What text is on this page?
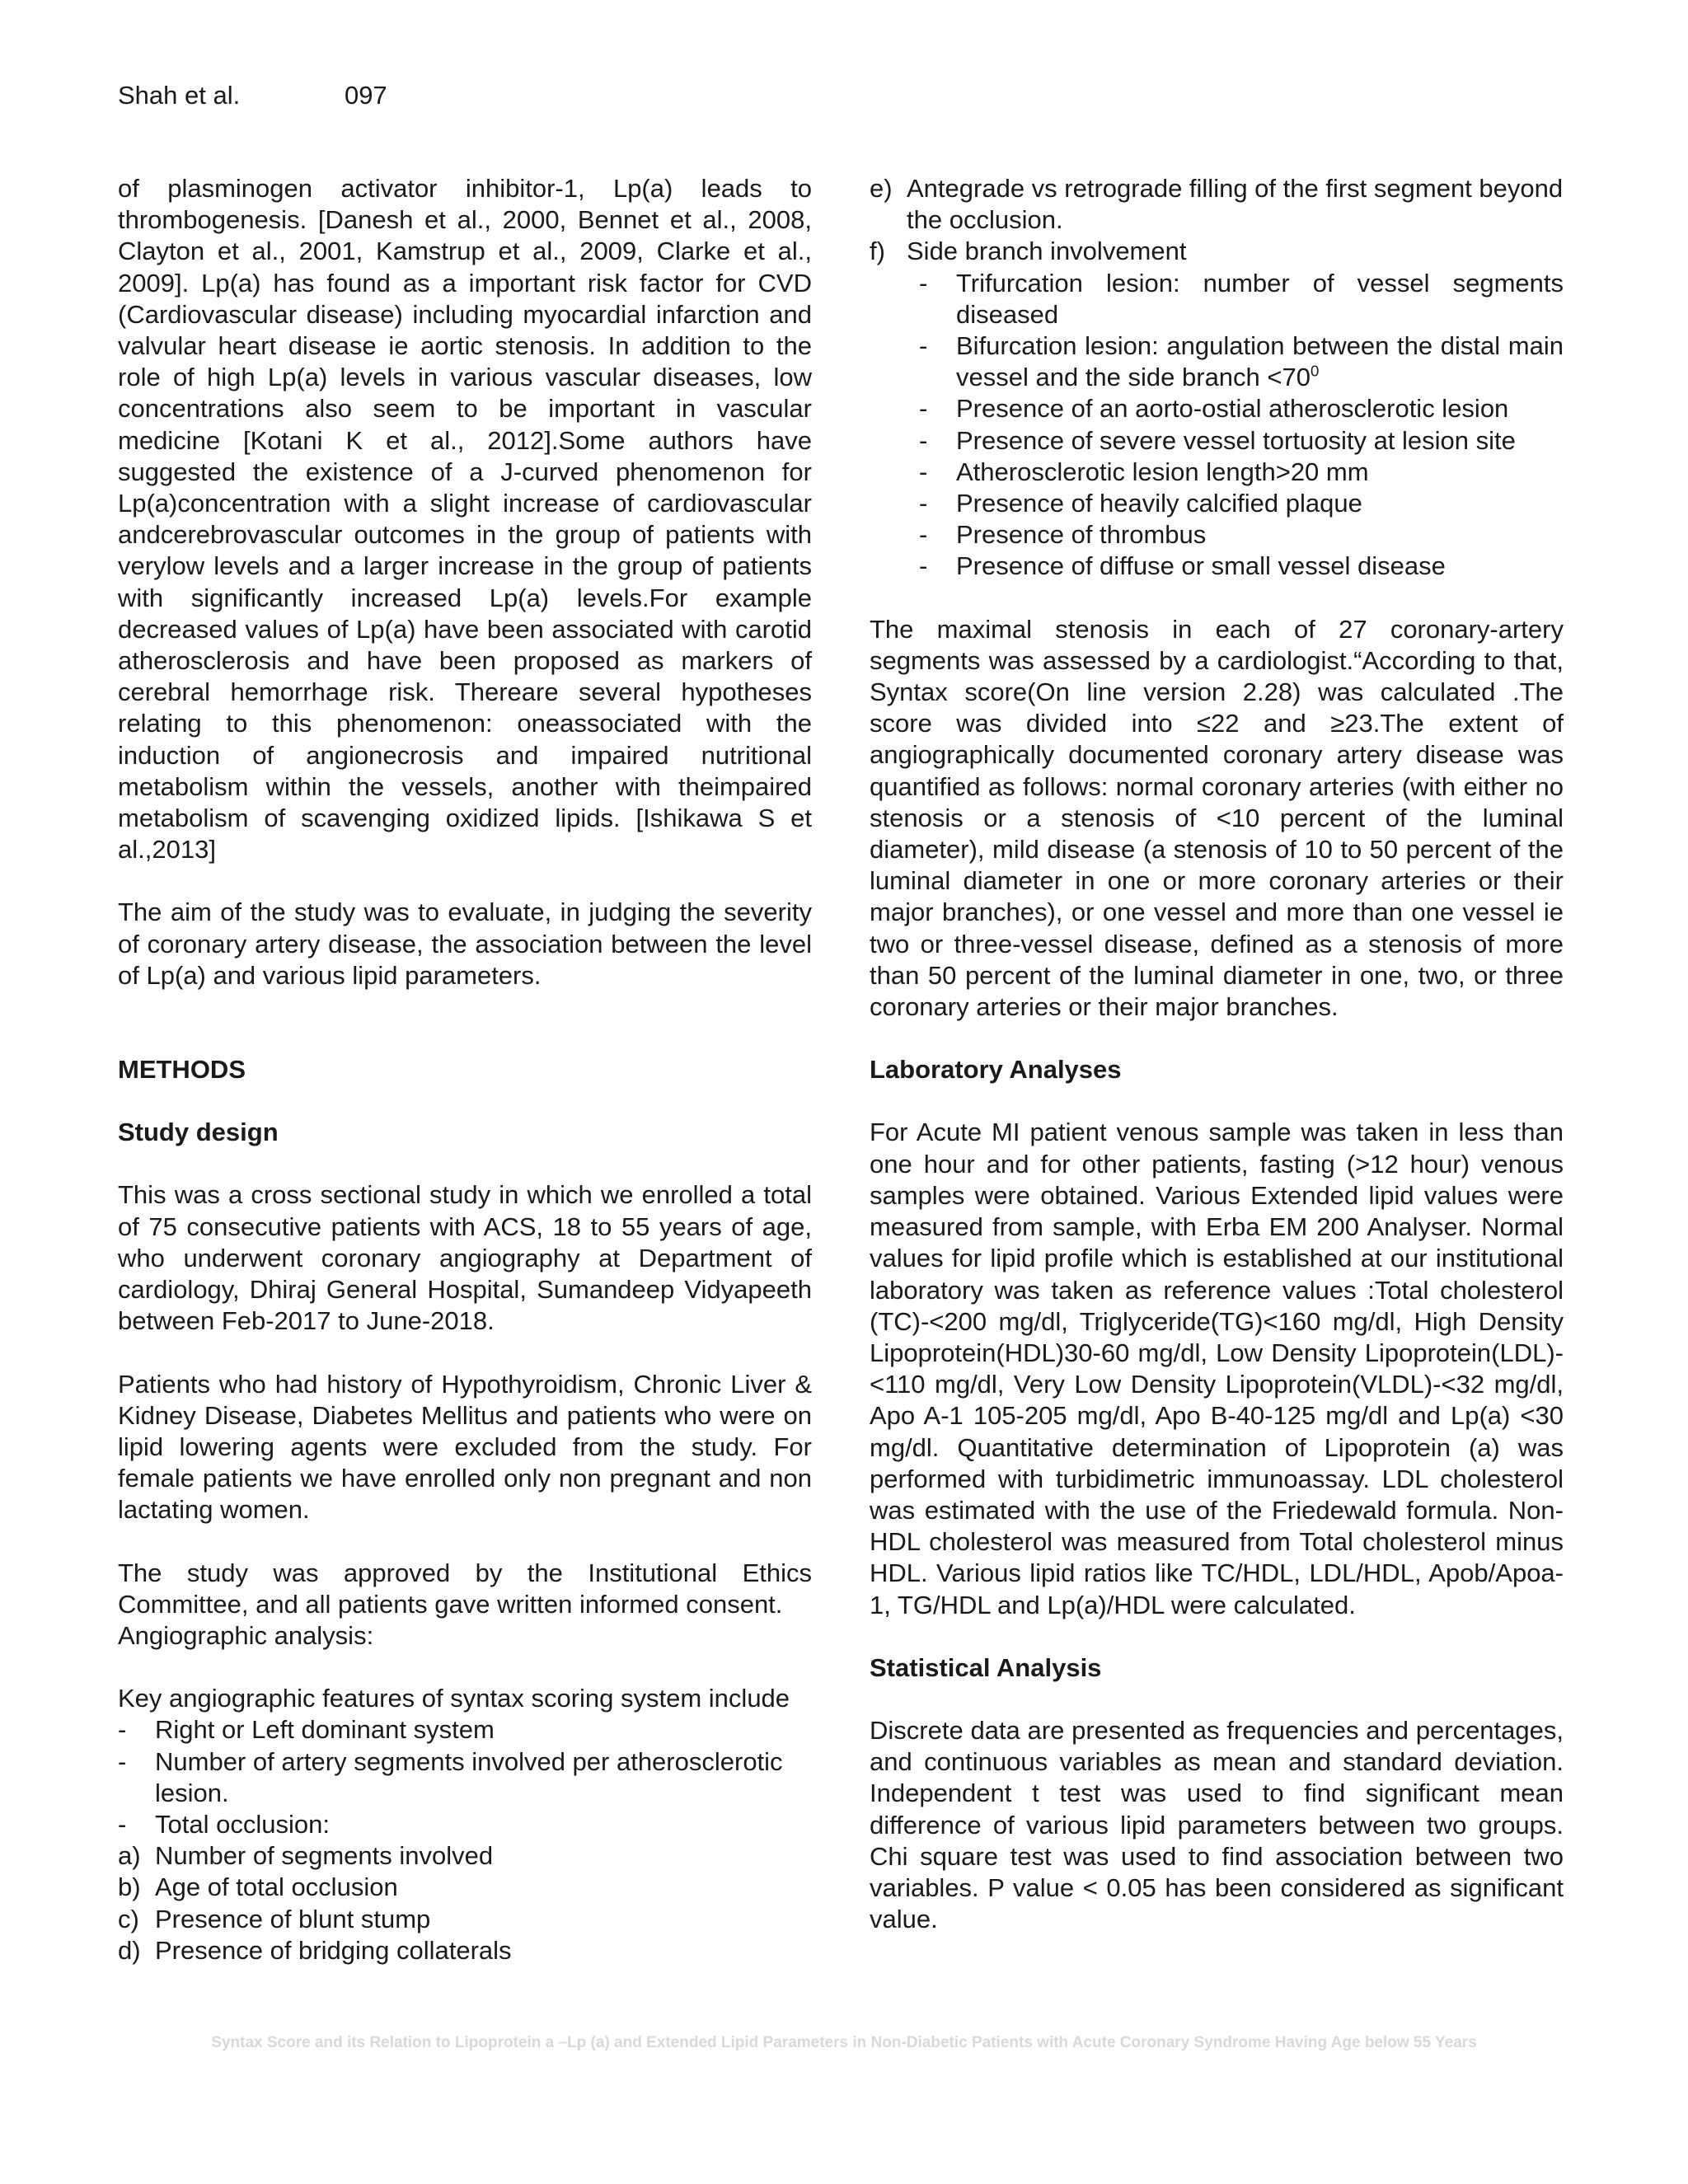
Shah et al.	097

of plasminogen activator inhibitor-1, Lp(a) leads to thrombogenesis. [Danesh et al., 2000, Bennet et al., 2008, Clayton et al., 2001, Kamstrup et al., 2009, Clarke et al., 2009]. Lp(a) has found as a important risk factor for CVD (Cardiovascular disease) including myocardial infarction and valvular heart disease ie aortic stenosis. In addition to the role of high Lp(a) levels in various vascular diseases, low concentrations also seem to be important in vascular medicine [Kotani K et al., 2012].Some authors have suggested the existence of a J-curved phenomenon for Lp(a)concentration with a slight increase of cardiovascular andcerebrovascular outcomes in the group of patients with verylow levels and a larger increase in the group of patients with significantly increased Lp(a) levels.For example decreased values of Lp(a) have been associated with carotid atherosclerosis and have been proposed as markers of cerebral hemorrhage risk. Thereare several hypotheses relating to this phenomenon: oneassociated with the induction of angionecrosis and impaired nutritional metabolism within the vessels, another with theimpaired metabolism of scavenging oxidized lipids. [Ishikawa S et al.,2013]

The aim of the study was to evaluate, in judging the severity of coronary artery disease, the association between the level of Lp(a) and various lipid parameters.

METHODS
Study design

This was a cross sectional study in which we enrolled a total of 75 consecutive patients with ACS, 18 to 55 years of age, who underwent coronary angiography at Department of cardiology, Dhiraj General Hospital, Sumandeep Vidyapeeth between Feb-2017 to June-2018.

Patients who had history of Hypothyroidism, Chronic Liver & Kidney Disease, Diabetes Mellitus and patients who were on lipid lowering agents were excluded from the study. For female patients we have enrolled only non pregnant and non lactating women.

The study was approved by the Institutional Ethics Committee, and all patients gave written informed consent.

Angiographic analysis:

Key angiographic features of syntax scoring system include

- Right or Left dominant system
- Number of artery segments involved per atherosclerotic lesion.
- Total occlusion:
a) Number of segments involved
b) Age of total occlusion
c) Presence of blunt stump
d) Presence of bridging collaterals
e) Antegrade vs retrograde filling of the first segment beyond the occlusion.
f) Side branch involvement
- Trifurcation lesion: number of vessel segments diseased
- Bifurcation lesion: angulation between the distal main vessel and the side branch $<70^0$
- Presence of an aorto-ostial atherosclerotic lesion
- Presence of severe vessel tortuosity at lesion site
- Atherosclerotic lesion length>20 mm
- Presence of heavily calcified plaque
- Presence of thrombus
- Presence of diffuse or small vessel disease

The maximal stenosis in each of 27 coronary-artery segments was assessed by a cardiologist.“According to that, Syntax score(On line version 2.28) was calculated .The score was divided into ≤22 and ≥23.The extent of angiographically documented coronary artery disease was quantified as follows: normal coronary arteries (with either no stenosis or a stenosis of <10 percent of the luminal diameter), mild disease (a stenosis of 10 to 50 percent of the luminal diameter in one or more coronary arteries or their major branches), or one vessel and more than one vessel ie two or three-vessel disease, defined as a stenosis of more than 50 percent of the luminal diameter in one, two, or three coronary arteries or their major branches.

Laboratory Analyses

For Acute MI patient venous sample was taken in less than one hour and for other patients, fasting (>12 hour) venous samples were obtained. Various Extended lipid values were measured from sample, with Erba EM 200 Analyser. Normal values for lipid profile which is established at our institutional laboratory was taken as reference values :Total cholesterol (TC)-<200 mg/dl, Triglyceride(TG)<160 mg/dl, High Density Lipoprotein(HDL)30-60 mg/dl, Low Density Lipoprotein(LDL)-<110 mg/dl, Very Low Density Lipoprotein(VLDL)-<32 mg/dl, Apo A-1 105-205 mg/dl, Apo B-40-125 mg/dl and Lp(a) <30 mg/dl. Quantitative determination of Lipoprotein (a) was performed with turbidimetric immunoassay. LDL cholesterol was estimated with the use of the Friedewald formula. Non-HDL cholesterol was measured from Total cholesterol minus HDL. Various lipid ratios like TC/HDL, LDL/HDL, Apob/Apoa-1, TG/HDL and Lp(a)/HDL were calculated.

Statistical Analysis

Discrete data are presented as frequencies and percentages, and continuous variables as mean and standard deviation. Independent t test was used to find significant mean difference of various lipid parameters between two groups. Chi square test was used to find association between two variables. P value < 0.05 has been considered as significant value.

Syntax Score and its Relation to Lipoprotein a –Lp (a) and Extended Lipid Parameters in Non-Diabetic Patients with Acute Coronary Syndrome Having Age below 55 Years
